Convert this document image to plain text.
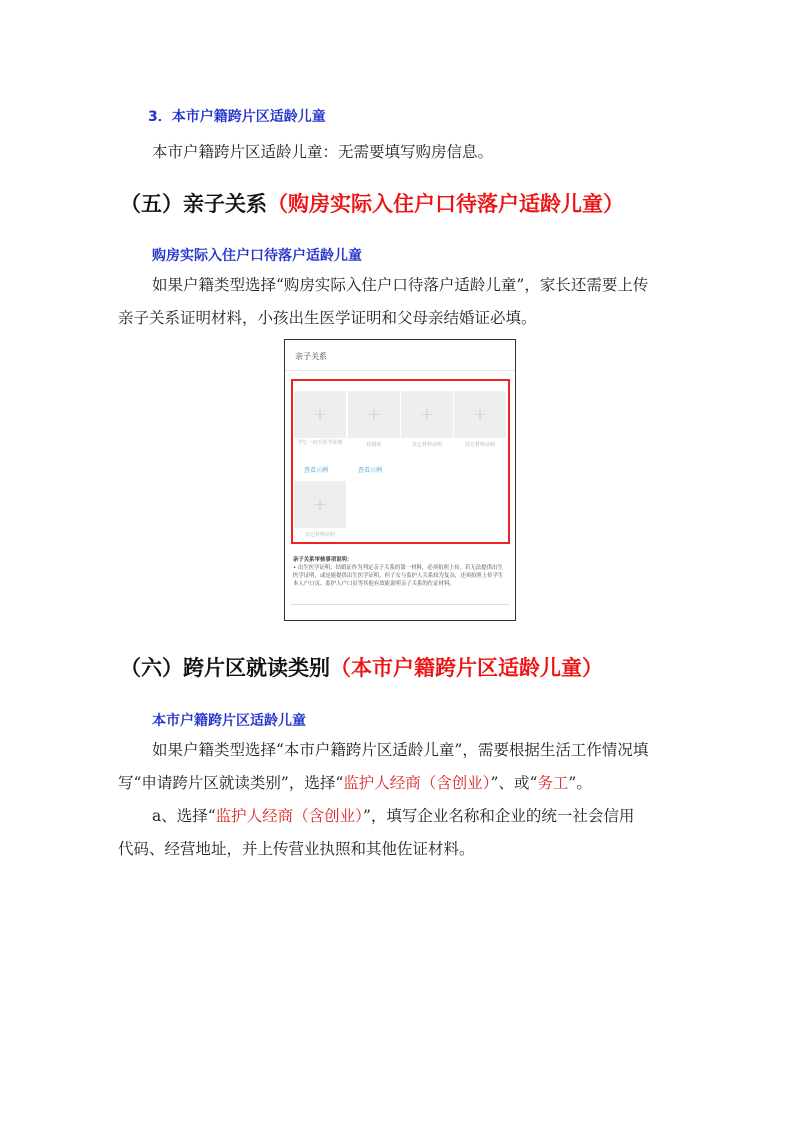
3．本市户籍跨片区适龄儿童
本市户籍跨片区适龄儿童：无需要填写购房信息。
（五）亲子关系（购房实际入住户口待落户适龄儿童）
购房实际入住户口待落户适龄儿童
如果户籍类型选择“购房实际入住户口待落户适龄儿童”，家长还需要上传
亲子关系证明材料，小孩出生医学证明和父母亲结婚证必填。
亲子关系
+
学生一出生医学证明
查看示例
+
结婚证
查看示例
+
其它材料证明
+
其它材料证明
+
其它材料证明
亲子关系审核事项说明：
• 出生医学证明、结婚证作为判定亲子关系的第一材料，必须拍照上传。若无法提供出生医学证明，或是能提供出生医学证明，但子女与监护人关系较为复杂，还须拍照上传学生本人户口页、监护人户口页等其他有效能说明亲子关系的佐证材料。
（六）跨片区就读类别（本市户籍跨片区适龄儿童）
本市户籍跨片区适龄儿童
如果户籍类型选择“本市户籍跨片区适龄儿童”，需要根据生活工作情况填
写“申请跨片区就读类别”，选择“监护人经商（含创业）”、或“务工”。
a、选择“监护人经商（含创业）”，填写企业名称和企业的统一社会信用
代码、经营地址，并上传营业执照和其他佐证材料。
